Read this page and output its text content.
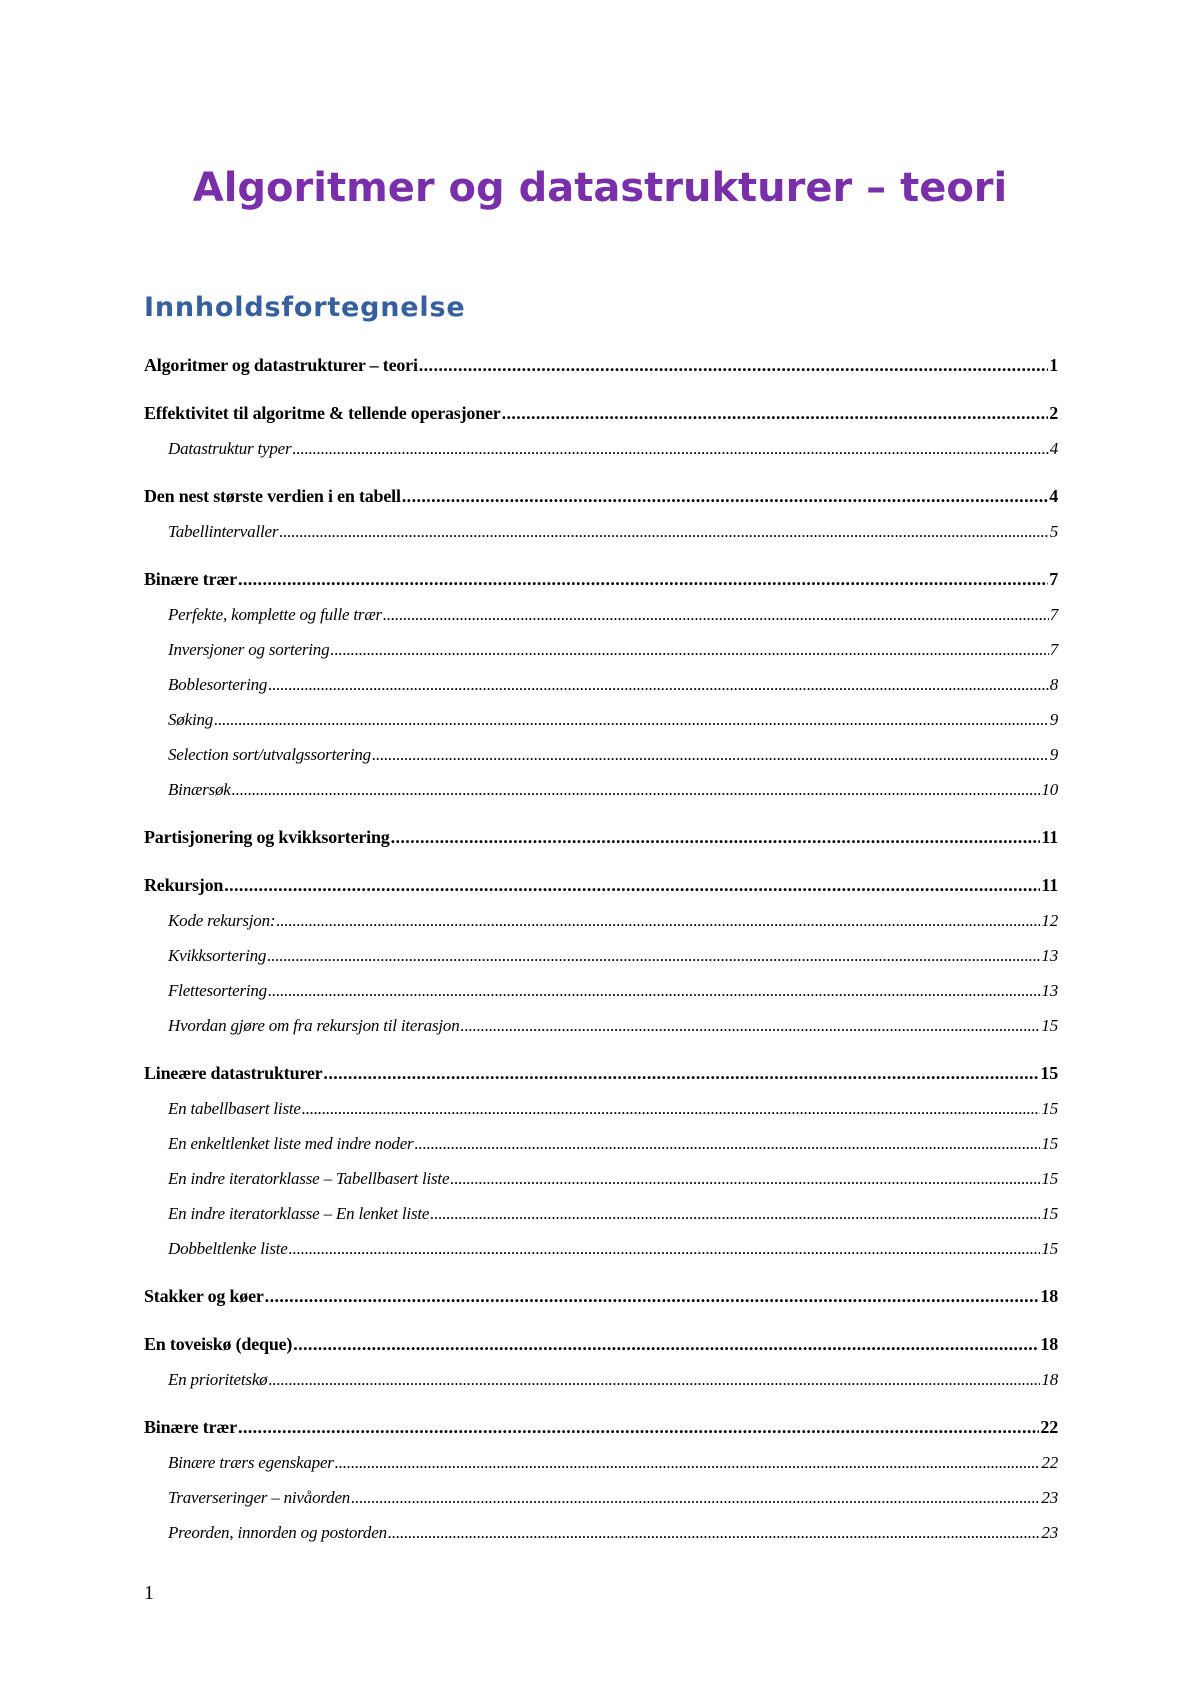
Algoritmer og datastrukturer – teori
Innholdsfortegnelse
Algoritmer og datastrukturer – teori .....	1
Effektivitet til algoritme & tellende operasjoner .....	2
Datastruktur typer .....	4
Den nest største verdien i en tabell .....	4
Tabellintervaller .....	5
Binære trær .....	7
Perfekte, komplette og fulle trær .....	7
Inversjoner og sortering .....	7
Boblesortering .....	8
Søking .....	9
Selection sort/utvalgssortering .....	9
Binærsøk .....	10
Partisjonering og kvikksortering .....	11
Rekursjon .....	11
Kode rekursjon: .....	12
Kvikksortering .....	13
Flettesortering .....	13
Hvordan gjøre om fra rekursjon til iterasjon .....	15
Lineære datastrukturer .....	15
En tabellbasert liste .....	15
En enkeltlenket liste med indre noder .....	15
En indre iteratorklasse – Tabellbasert liste .....	15
En indre iteratorklasse – En lenket liste .....	15
Dobbeltlenke liste .....	15
Stakker og køer .....	18
En toveiskø (deque) .....	18
En prioritetskø .....	18
Binære trær .....	22
Binære trærs egenskaper .....	22
Traverseringer – nivåorden .....	23
Preorden, innorden og postorden .....	23
1
